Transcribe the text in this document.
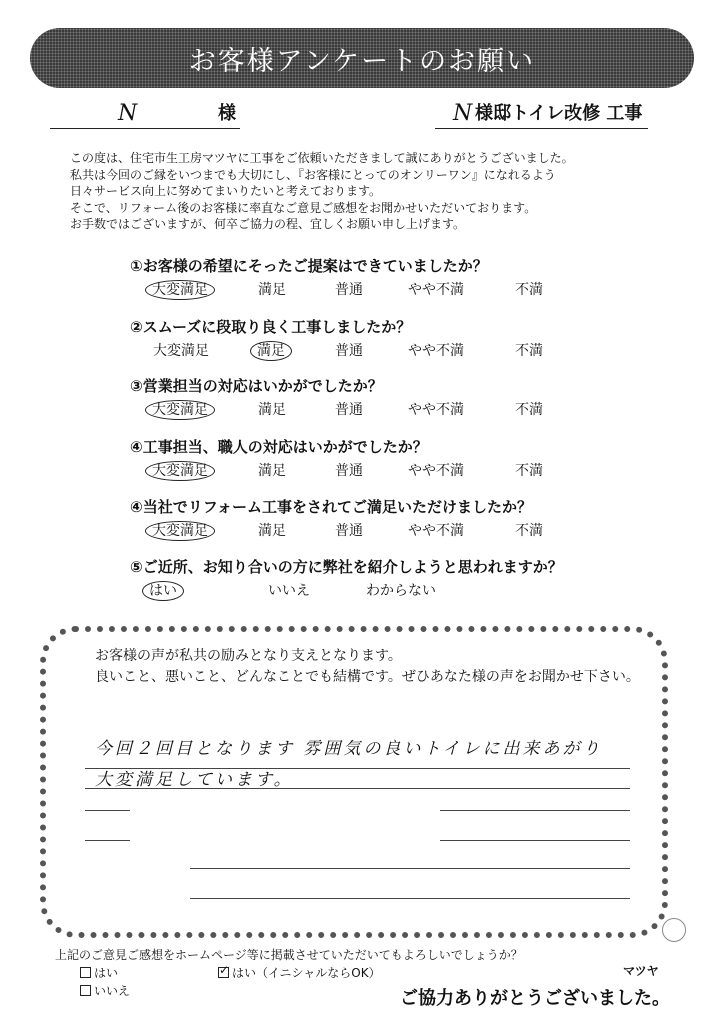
お客様アンケートのお願い
N	様	N 様邸トイレ改修 工事
この度は、住宅市生工房マツヤに工事をご依頼いただきまして誠にありがとうございました。
私共は今回のご縁をいつまでも大切にし、『お客様にとってのオンリーワン』になれるよう
日々サービス向上に努めてまいりたいと考えております。
そこで、リフォーム後のお客様に率直なご意見ご感想をお聞かせいただいております。
お手数ではございますが、何卒ご協力の程、宜しくお願い申し上げます。
①お客様の希望にそったご提案はできていましたか？
大変満足	満足	普通	やや不満	不満
②スムーズに段取り良く工事しましたか？
大変満足	満足	普通	やや不満	不満
③営業担当の対応はいかがでしたか？
大変満足	満足	普通	やや不満	不満
④工事担当、職人の対応はいかがでしたか？
大変満足	満足	普通	やや不満	不満
④当社でリフォーム工事をされてご満足いただけましたか？
大変満足	満足	普通	やや不満	不満
⑤ご近所、お知り合いの方に弊社を紹介しようと思われますか？
はい	いいえ	わからない
お客様の声が私共の励みとなり支えとなります。
良いこと、悪いこと、どんなことでも結構です。ぜひあなた様の声をお聞かせ下さい。
今回２回目となります 雰囲気の良いトイレに出来あがり
大変満足しています。
上記のご意見ご感想をホームページ等に掲載させていただいてもよろしいでしょうか？
はい
✓	はい（イニシャルならOK）
いいえ
マツヤ
ご協力ありがとうございました。
